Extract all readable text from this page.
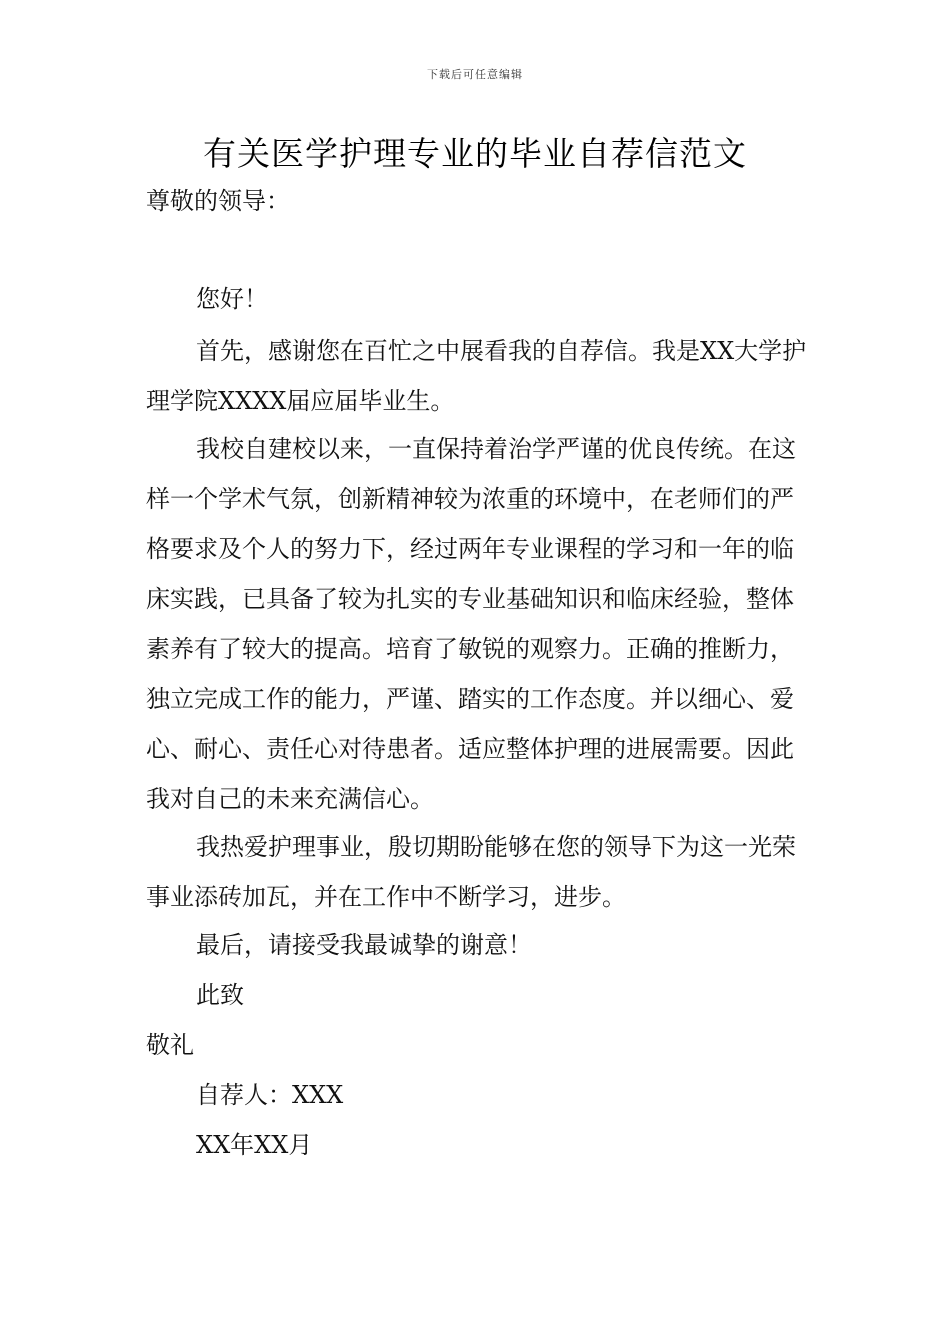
下载后可任意编辑
有关医学护理专业的毕业自荐信范文
尊敬的领导：
您好！

首先，感谢您在百忙之中展看我的自荐信。我是XX大学护理学院XXXX届应届毕业生。

我校自建校以来，一直保持着治学严谨的优良传统。在这样一个学术气氛，创新精神较为浓重的环境中，在老师们的严格要求及个人的努力下，经过两年专业课程的学习和一年的临床实践，已具备了较为扎实的专业基础知识和临床经验，整体素养有了较大的提高。培育了敏锐的观察力。正确的推断力，独立完成工作的能力，严谨、踏实的工作态度。并以细心、爱心、耐心、责任心对待患者。适应整体护理的进展需要。因此我对自己的未来充满信心。

我热爱护理事业，殷切期盼能够在您的领导下为这一光荣事业添砖加瓦，并在工作中不断学习，进步。

最后，请接受我最诚挚的谢意！
此致
敬礼
自荐人：XXX
XX年XX月
